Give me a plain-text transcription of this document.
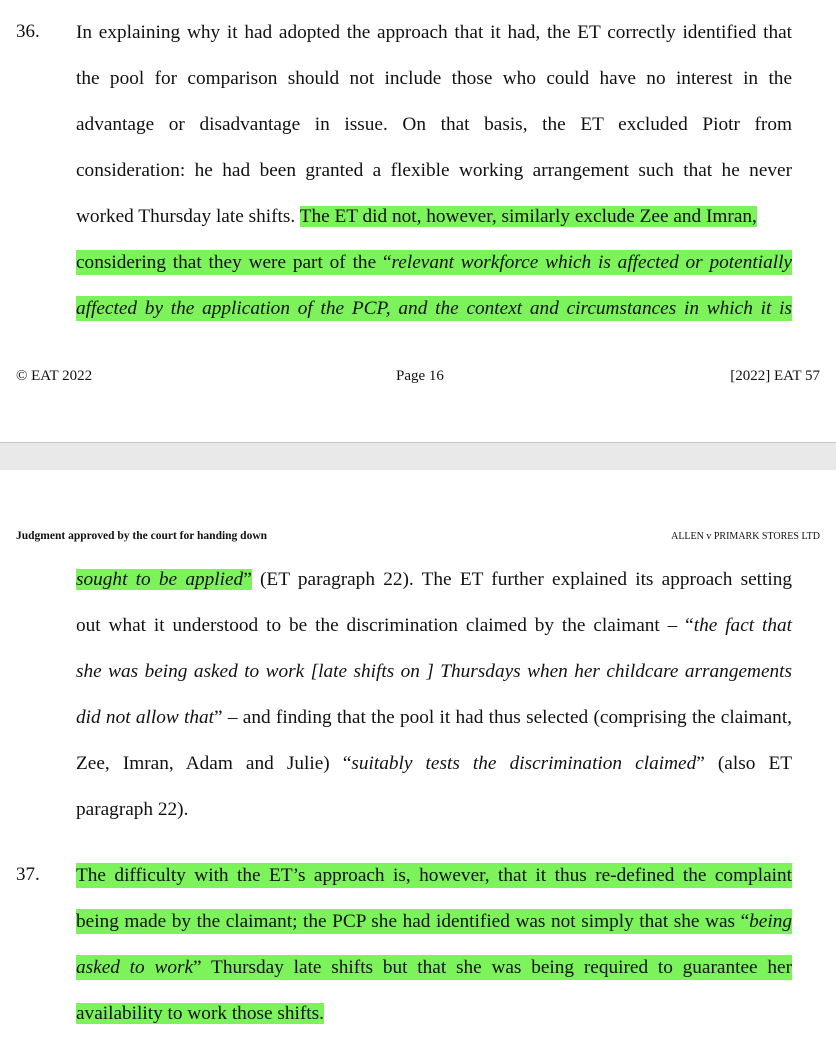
36. In explaining why it had adopted the approach that it had, the ET correctly identified that
the pool for comparison should not include those who could have no interest in the
advantage or disadvantage in issue. On that basis, the ET excluded Piotr from
consideration: he had been granted a flexible working arrangement such that he never
worked Thursday late shifts. The ET did not, however, similarly exclude Zee and Imran,
considering that they were part of the “relevant workforce which is affected or potentially
affected by the application of the PCP, and the context and circumstances in which it is
© EAT 2022	Page 16	[2022] EAT 57
Judgment approved by the court for handing down	ALLEN v PRIMARK STORES LTD
sought to be applied” (ET paragraph 22). The ET further explained its approach setting
out what it understood to be the discrimination claimed by the claimant – “the fact that
she was being asked to work [late shifts on ] Thursdays when her childcare arrangements
did not allow that” – and finding that the pool it had thus selected (comprising the claimant,
Zee, Imran, Adam and Julie) “suitably tests the discrimination claimed” (also ET
paragraph 22).
37. The difficulty with the ET’s approach is, however, that it thus re-defined the complaint
being made by the claimant; the PCP she had identified was not simply that she was “being
asked to work” Thursday late shifts but that she was being required to guarantee her
availability to work those shifts.
